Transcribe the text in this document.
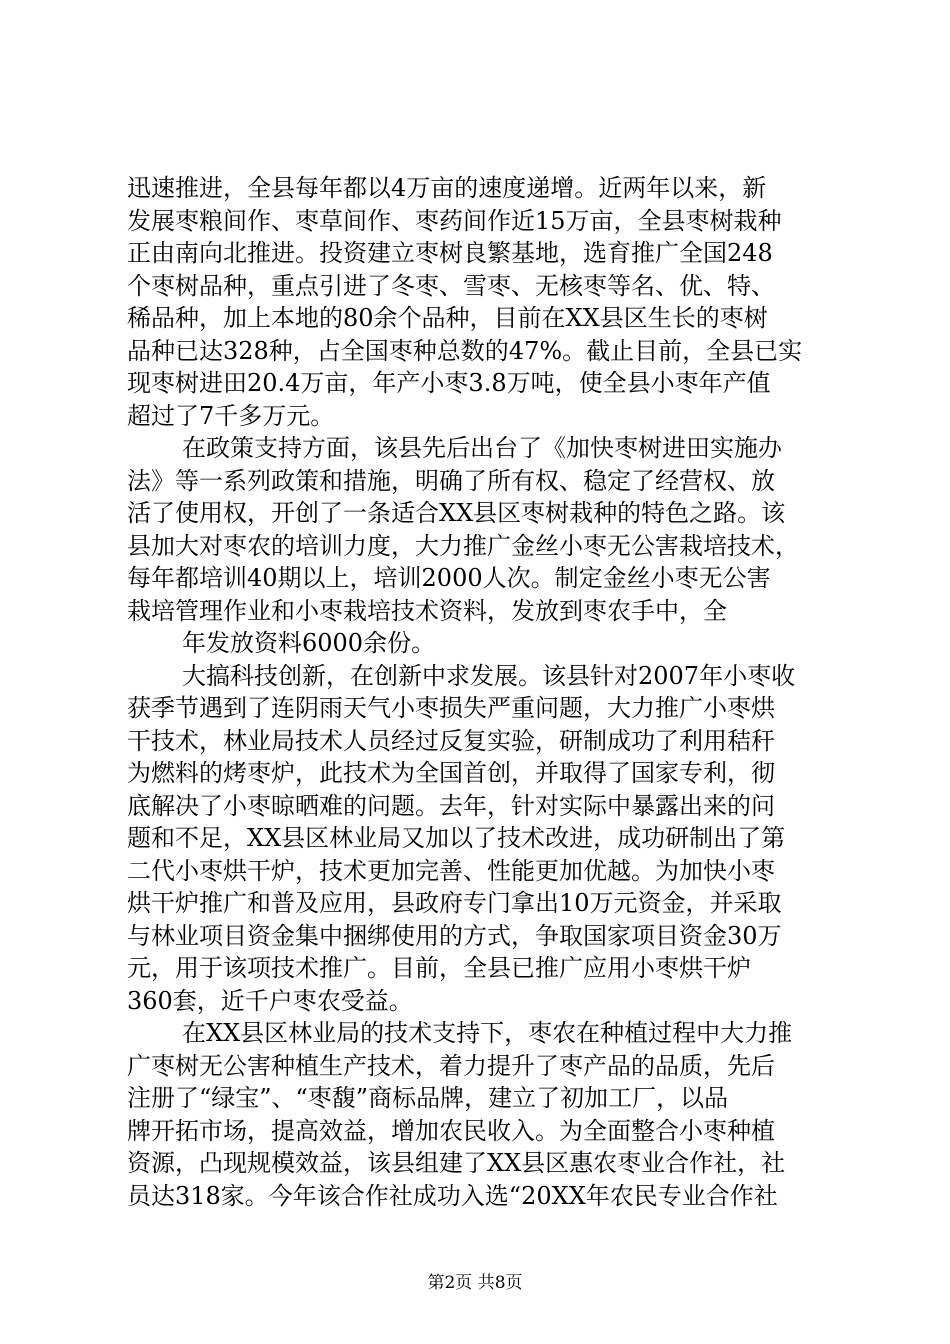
迅速推进，全县每年都以4万亩的速度递增。近两年以来，新
发展枣粮间作、枣草间作、枣药间作近15万亩，全县枣树栽种
正由南向北推进。投资建立枣树良繁基地，选育推广全国248
个枣树品种，重点引进了冬枣、雪枣、无核枣等名、优、特、
稀品种，加上本地的80余个品种，目前在XX县区生长的枣树
品种已达328种，占全国枣种总数的47%。截止目前，全县已实
现枣树进田20.4万亩，年产小枣3.8万吨，使全县小枣年产值
超过了7千多万元。
在政策支持方面，该县先后出台了《加快枣树进田实施办
法》等一系列政策和措施，明确了所有权、稳定了经营权、放
活了使用权，开创了一条适合XX县区枣树栽种的特色之路。该
县加大对枣农的培训力度，大力推广金丝小枣无公害栽培技术，
每年都培训40期以上，培训2000人次。制定金丝小枣无公害
栽培管理作业和小枣栽培技术资料，发放到枣农手中，全
年发放资料6000余份。
大搞科技创新，在创新中求发展。该县针对2007年小枣收
获季节遇到了连阴雨天气小枣损失严重问题，大力推广小枣烘
干技术，林业局技术人员经过反复实验，研制成功了利用秸秆
为燃料的烤枣炉，此技术为全国首创，并取得了国家专利，彻
底解决了小枣晾晒难的问题。去年，针对实际中暴露出来的问
题和不足，XX县区林业局又加以了技术改进，成功研制出了第
二代小枣烘干炉，技术更加完善、性能更加优越。为加快小枣
烘干炉推广和普及应用，县政府专门拿出10万元资金，并采取
与林业项目资金集中捆绑使用的方式，争取国家项目资金30万
元，用于该项技术推广。目前，全县已推广应用小枣烘干炉
360套，近千户枣农受益。
在XX县区林业局的技术支持下，枣农在种植过程中大力推
广枣树无公害种植生产技术，着力提升了枣产品的品质，先后
注册了“绿宝”、“枣馥”商标品牌，建立了初加工厂，以品
牌开拓市场，提高效益，增加农民收入。为全面整合小枣种植
资源，凸现规模效益，该县组建了XX县区惠农枣业合作社，社
员达318家。今年该合作社成功入选“20XX年农民专业合作社
第2页 共8页
